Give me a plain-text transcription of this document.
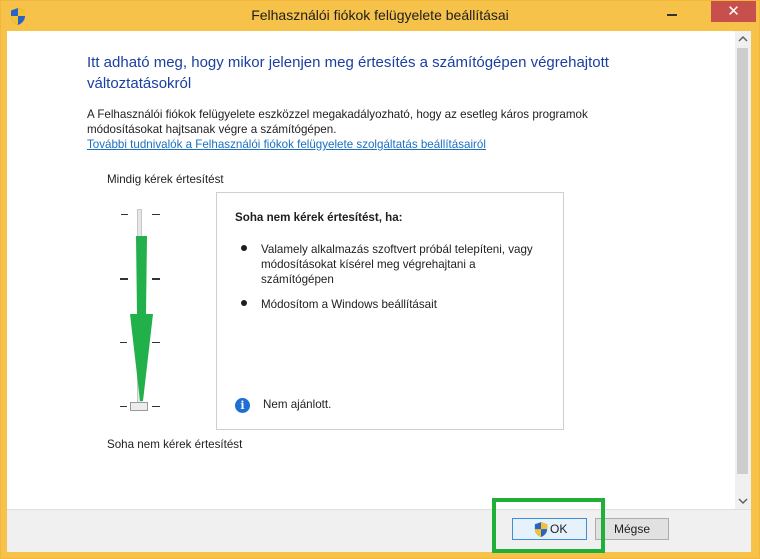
Felhasználói fiókok felügyelete beállításai	✕
Itt adható meg, hogy mikor jelenjen meg értesítés a számítógépen végrehajtott változtatásokról
A Felhasználói fiókok felügyelete eszközzel megakadályozható, hogy az esetleg káros programok módosításokat hajtsanak végre a számítógépen.
További tudnivalók a Felhasználói fiókok felügyelete szolgáltatás beállításairól
Mindig kérek értesítést
Soha nem kérek értesítést
Soha nem kérek értesítést, ha:
Valamely alkalmazás szoftvert próbál telepíteni, vagy módosításokat kísérel meg végrehajtani a számítógépen
Módosítom a Windows beállításait
i	Nem ajánlott.
OK	Mégse
